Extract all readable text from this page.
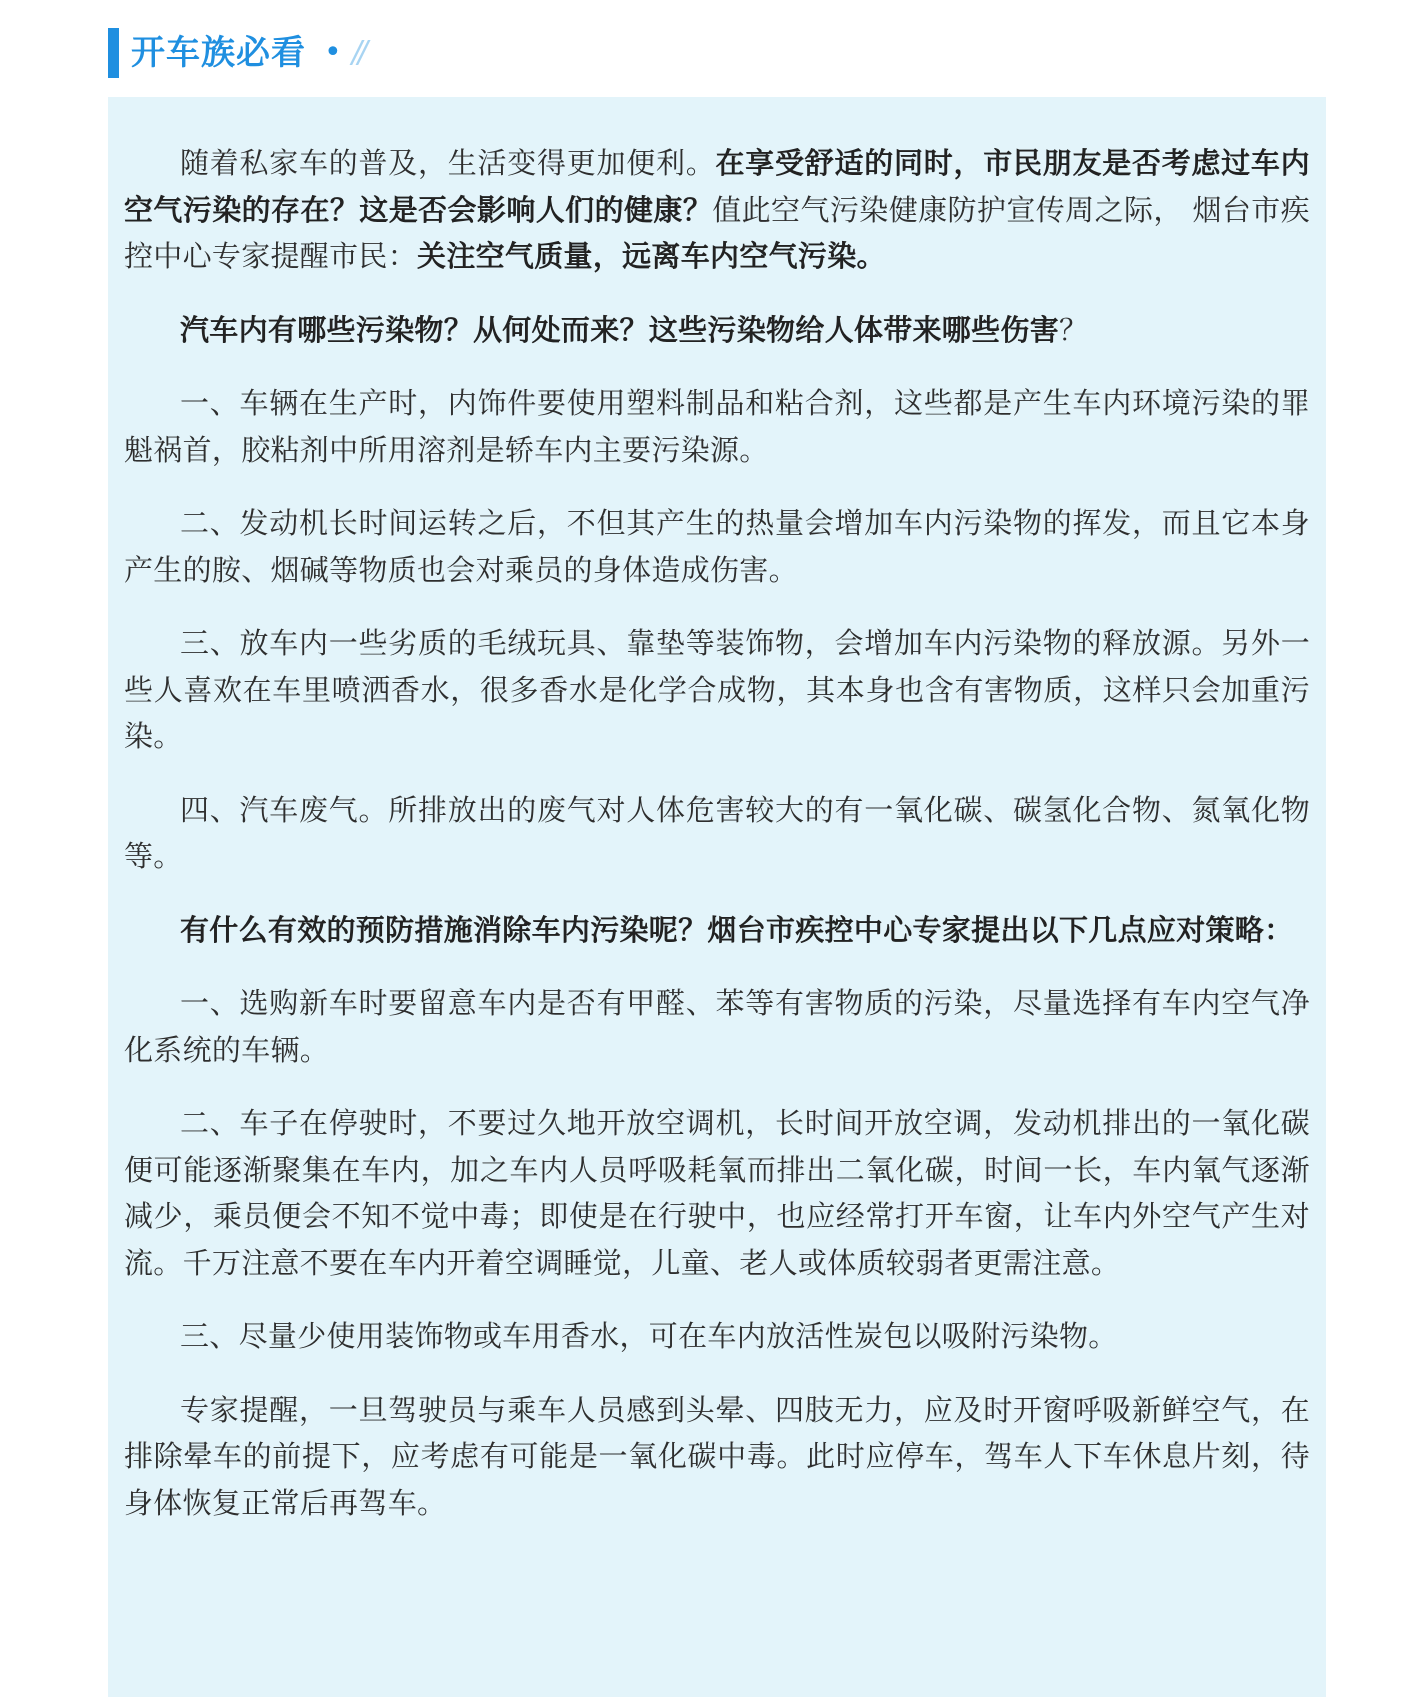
开车族必看 • //

随着私家车的普及，生活变得更加便利。在享受舒适的同时，市民朋友是否考虑过车内空气污染的存在？这是否会影响人们的健康？值此空气污染健康防护宣传周之际， 烟台市疾控中心专家提醒市民：关注空气质量，远离车内空气污染。

汽车内有哪些污染物？从何处而来？这些污染物给人体带来哪些伤害？

一、车辆在生产时，内饰件要使用塑料制品和粘合剂，这些都是产生车内环境污染的罪魁祸首，胶粘剂中所用溶剂是轿车内主要污染源。

二、发动机长时间运转之后，不但其产生的热量会增加车内污染物的挥发，而且它本身产生的胺、烟碱等物质也会对乘员的身体造成伤害。

三、放车内一些劣质的毛绒玩具、靠垫等装饰物，会增加车内污染物的释放源。另外一些人喜欢在车里喷洒香水，很多香水是化学合成物，其本身也含有害物质，这样只会加重污染。

四、汽车废气。所排放出的废气对人体危害较大的有一氧化碳、碳氢化合物、氮氧化物等。

有什么有效的预防措施消除车内污染呢？烟台市疾控中心专家提出以下几点应对策略：

一、选购新车时要留意车内是否有甲醛、苯等有害物质的污染，尽量选择有车内空气净化系统的车辆。

二、车子在停驶时，不要过久地开放空调机，长时间开放空调，发动机排出的一氧化碳便可能逐渐聚集在车内，加之车内人员呼吸耗氧而排出二氧化碳，时间一长，车内氧气逐渐减少，乘员便会不知不觉中毒；即使是在行驶中，也应经常打开车窗，让车内外空气产生对流。千万注意不要在车内开着空调睡觉，儿童、老人或体质较弱者更需注意。

三、尽量少使用装饰物或车用香水，可在车内放活性炭包以吸附污染物。

专家提醒，一旦驾驶员与乘车人员感到头晕、四肢无力，应及时开窗呼吸新鲜空气，在排除晕车的前提下，应考虑有可能是一氧化碳中毒。此时应停车，驾车人下车休息片刻，待身体恢复正常后再驾车。
